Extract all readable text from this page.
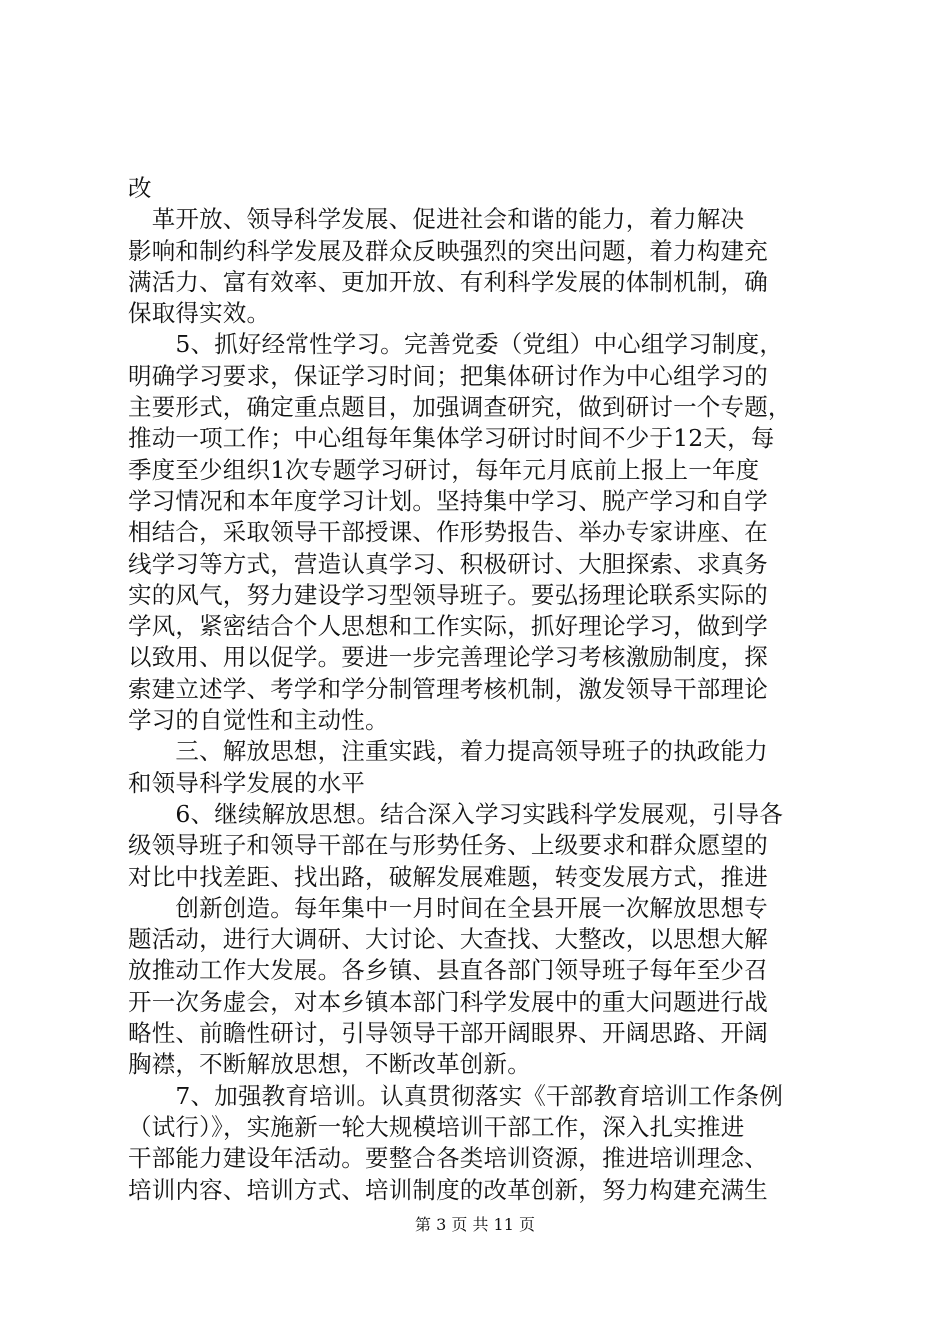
改
　革开放、领导科学发展、促进社会和谐的能力，着力解决
影响和制约科学发展及群众反映强烈的突出问题，着力构建充
满活力、富有效率、更加开放、有利科学发展的体制机制，确
保取得实效。
　　5、抓好经常性学习。完善党委（党组）中心组学习制度，
明确学习要求，保证学习时间；把集体研讨作为中心组学习的
主要形式，确定重点题目，加强调查研究，做到研讨一个专题，
推动一项工作；中心组每年集体学习研讨时间不少于12天，每
季度至少组织1次专题学习研讨，每年元月底前上报上一年度
学习情况和本年度学习计划。坚持集中学习、脱产学习和自学
相结合，采取领导干部授课、作形势报告、举办专家讲座、在
线学习等方式，营造认真学习、积极研讨、大胆探索、求真务
实的风气，努力建设学习型领导班子。要弘扬理论联系实际的
学风，紧密结合个人思想和工作实际，抓好理论学习，做到学
以致用、用以促学。要进一步完善理论学习考核激励制度，探
索建立述学、考学和学分制管理考核机制，激发领导干部理论
学习的自觉性和主动性。
　　三、解放思想，注重实践，着力提高领导班子的执政能力
和领导科学发展的水平
　　6、继续解放思想。结合深入学习实践科学发展观，引导各
级领导班子和领导干部在与形势任务、上级要求和群众愿望的
对比中找差距、找出路，破解发展难题，转变发展方式，推进
　　创新创造。每年集中一月时间在全县开展一次解放思想专
题活动，进行大调研、大讨论、大查找、大整改，以思想大解
放推动工作大发展。各乡镇、县直各部门领导班子每年至少召
开一次务虚会，对本乡镇本部门科学发展中的重大问题进行战
略性、前瞻性研讨，引导领导干部开阔眼界、开阔思路、开阔
胸襟，不断解放思想，不断改革创新。
　　7、加强教育培训。认真贯彻落实《干部教育培训工作条例
（试行）》，实施新一轮大规模培训干部工作，深入扎实推进
干部能力建设年活动。要整合各类培训资源，推进培训理念、
培训内容、培训方式、培训制度的改革创新，努力构建充满生
第 3 页 共 11 页
